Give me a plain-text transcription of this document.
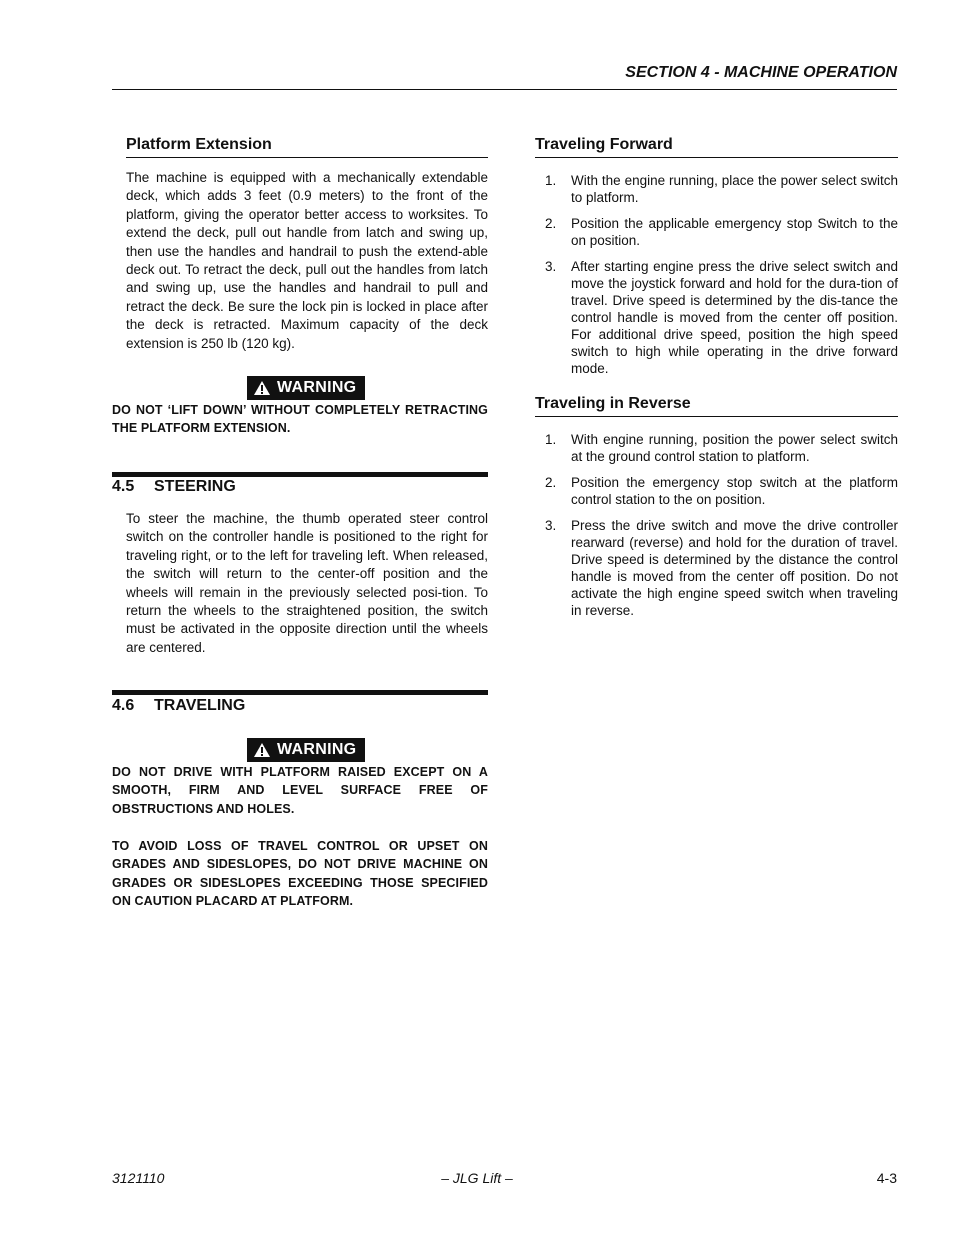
SECTION 4 - MACHINE OPERATION
Platform Extension

The machine is equipped with a mechanically extendable deck, which adds 3 feet (0.9 meters) to the front of the platform, giving the operator better access to worksites. To extend the deck, pull out handle from latch and swing up, then use the handles and handrail to push the extend-able deck out. To retract the deck, pull out the handles from latch and swing up, use the handles and handrail to pull and retract the deck. Be sure the lock pin is locked in place after the deck is retracted. Maximum capacity of the deck extension is 250 lb (120 kg).

WARNING

DO NOT ‘LIFT DOWN’ WITHOUT COMPLETELY RETRACTING THE PLATFORM EXTENSION.

4.5 STEERING

To steer the machine, the thumb operated steer control switch on the controller handle is positioned to the right for traveling right, or to the left for traveling left. When released, the switch will return to the center-off position and the wheels will remain in the previously selected posi-tion. To return the wheels to the straightened position, the switch must be activated in the opposite direction until the wheels are centered.

4.6 TRAVELING
WARNING

DO NOT DRIVE WITH PLATFORM RAISED EXCEPT ON A SMOOTH, FIRM AND LEVEL SURFACE FREE OF OBSTRUCTIONS AND HOLES.

TO AVOID LOSS OF TRAVEL CONTROL OR UPSET ON GRADES AND SIDESLOPES, DO NOT DRIVE MACHINE ON GRADES OR SIDESLOPES EXCEEDING THOSE SPECIFIED ON CAUTION PLACARD AT PLATFORM.

Traveling Forward
1. With the engine running, place the power select switch to platform.
2. Position the applicable emergency stop Switch to the on position.
3. After starting engine press the drive select switch and move the joystick forward and hold for the dura-tion of travel. Drive speed is determined by the dis-tance the control handle is moved from the center off position. For additional drive speed, position the high speed switch to high while operating in the drive forward mode.
Traveling in Reverse
1. With engine running, position the power select switch at the ground control station to platform.
2. Position the emergency stop switch at the platform control station to the on position.
3. Press the drive switch and move the drive controller rearward (reverse) and hold for the duration of travel. Drive speed is determined by the distance the control handle is moved from the center off position. Do not activate the high engine speed switch when traveling in reverse.
3121110	– JLG Lift –	4-3
